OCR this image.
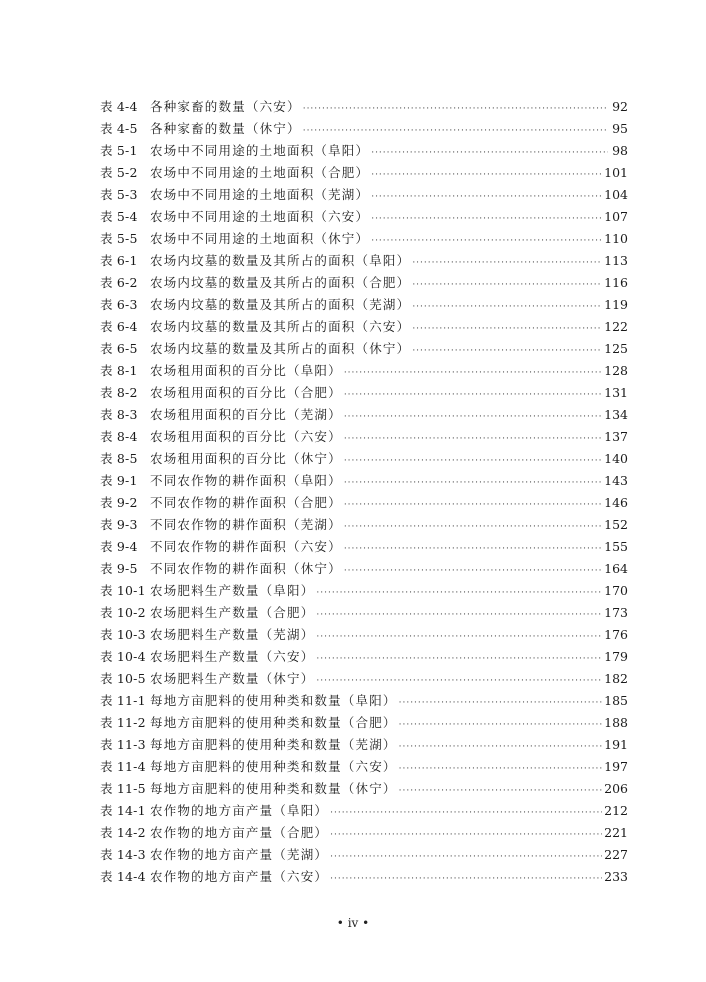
表 4-4 各种家畜的数量（六安） ·····	92
表 4-5 各种家畜的数量（休宁） ·····	95
表 5-1 农场中不同用途的土地面积（阜阳） ·····	98
表 5-2 农场中不同用途的土地面积（合肥） ·····	101
表 5-3 农场中不同用途的土地面积（芜湖） ·····	104
表 5-4 农场中不同用途的土地面积（六安） ·····	107
表 5-5 农场中不同用途的土地面积（休宁） ·····	110
表 6-1 农场内坟墓的数量及其所占的面积（阜阳） ·····	113
表 6-2 农场内坟墓的数量及其所占的面积（合肥） ·····	116
表 6-3 农场内坟墓的数量及其所占的面积（芜湖） ·····	119
表 6-4 农场内坟墓的数量及其所占的面积（六安） ·····	122
表 6-5 农场内坟墓的数量及其所占的面积（休宁） ·····	125
表 8-1 农场租用面积的百分比（阜阳） ·····	128
表 8-2 农场租用面积的百分比（合肥） ·····	131
表 8-3 农场租用面积的百分比（芜湖） ·····	134
表 8-4 农场租用面积的百分比（六安） ·····	137
表 8-5 农场租用面积的百分比（休宁） ·····	140
表 9-1 不同农作物的耕作面积（阜阳） ·····	143
表 9-2 不同农作物的耕作面积（合肥） ·····	146
表 9-3 不同农作物的耕作面积（芜湖） ·····	152
表 9-4 不同农作物的耕作面积（六安） ·····	155
表 9-5 不同农作物的耕作面积（休宁） ·····	164
表 10-1 农场肥料生产数量（阜阳） ·····	170
表 10-2 农场肥料生产数量（合肥） ·····	173
表 10-3 农场肥料生产数量（芜湖） ·····	176
表 10-4 农场肥料生产数量（六安） ·····	179
表 10-5 农场肥料生产数量（休宁） ·····	182
表 11-1 每地方亩肥料的使用种类和数量（阜阳） ·····	185
表 11-2 每地方亩肥料的使用种类和数量（合肥） ·····	188
表 11-3 每地方亩肥料的使用种类和数量（芜湖） ·····	191
表 11-4 每地方亩肥料的使用种类和数量（六安） ·····	197
表 11-5 每地方亩肥料的使用种类和数量（休宁） ·····	206
表 14-1 农作物的地方亩产量（阜阳） ·····	212
表 14-2 农作物的地方亩产量（合肥） ·····	221
表 14-3 农作物的地方亩产量（芜湖） ·····	227
表 14-4 农作物的地方亩产量（六安） ·····	233
• iv •
